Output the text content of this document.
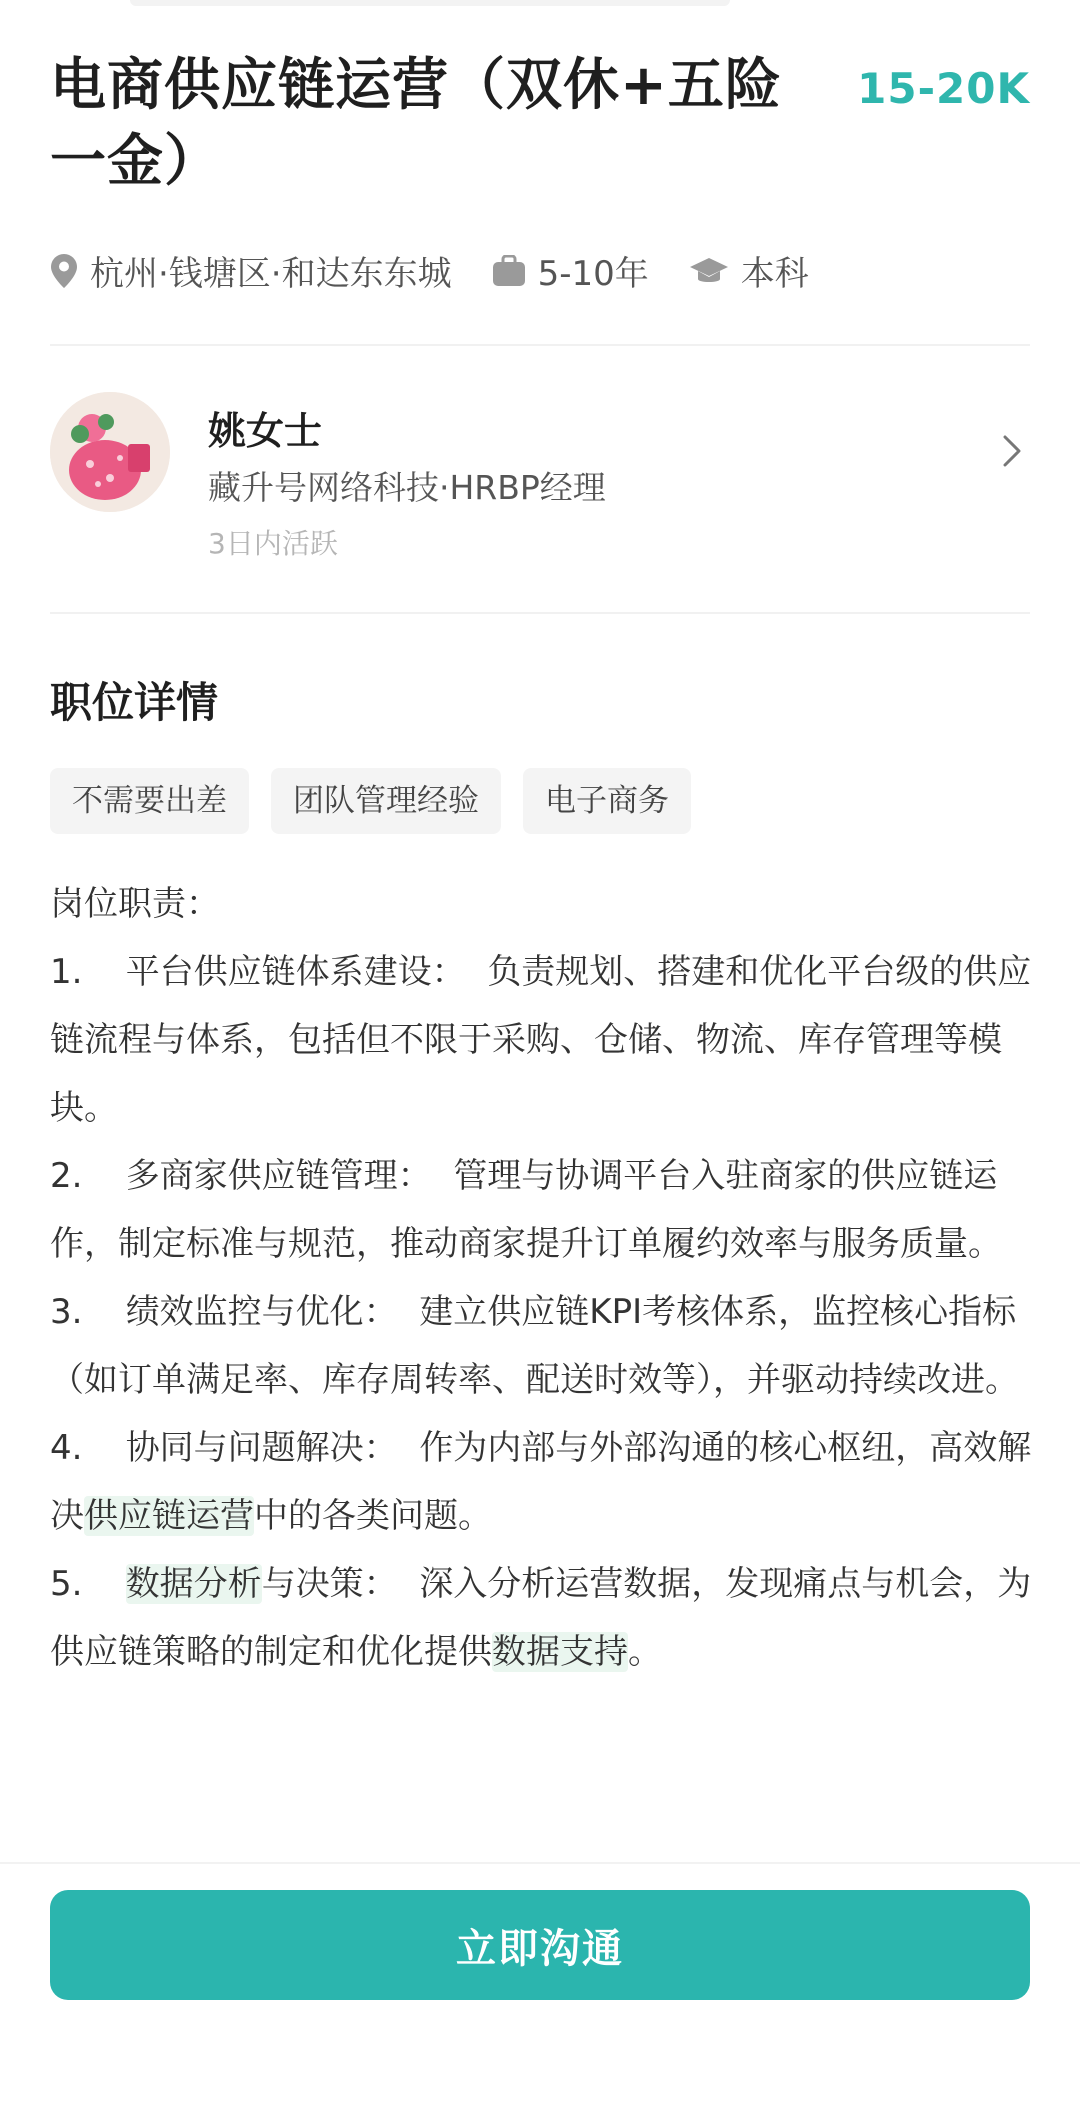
电商供应链运营（双休+五险一金）
15-20K
杭州·钱塘区·和达东东城	5-10年	本科
姚女士
藏升号网络科技·HRBP经理
3日内活跃
职位详情
不需要出差	团队管理经验	电子商务

岗位职责：

1. 平台供应链体系建设： 负责规划、搭建和优化平台级的供应链流程与体系，包括但不限于采购、仓储、物流、库存管理等模块。

2. 多商家供应链管理： 管理与协调平台入驻商家的供应链运作，制定标准与规范，推动商家提升订单履约效率与服务质量。

3. 绩效监控与优化： 建立供应链KPI考核体系，监控核心指标（如订单满足率、库存周转率、配送时效等），并驱动持续改进。

4. 协同与问题解决： 作为内部与外部沟通的核心枢纽，高效解决供应链运营中的各类问题。

5. 数据分析与决策： 深入分析运营数据，发现痛点与机会，为供应链策略的制定和优化提供数据支持。

立即沟通
